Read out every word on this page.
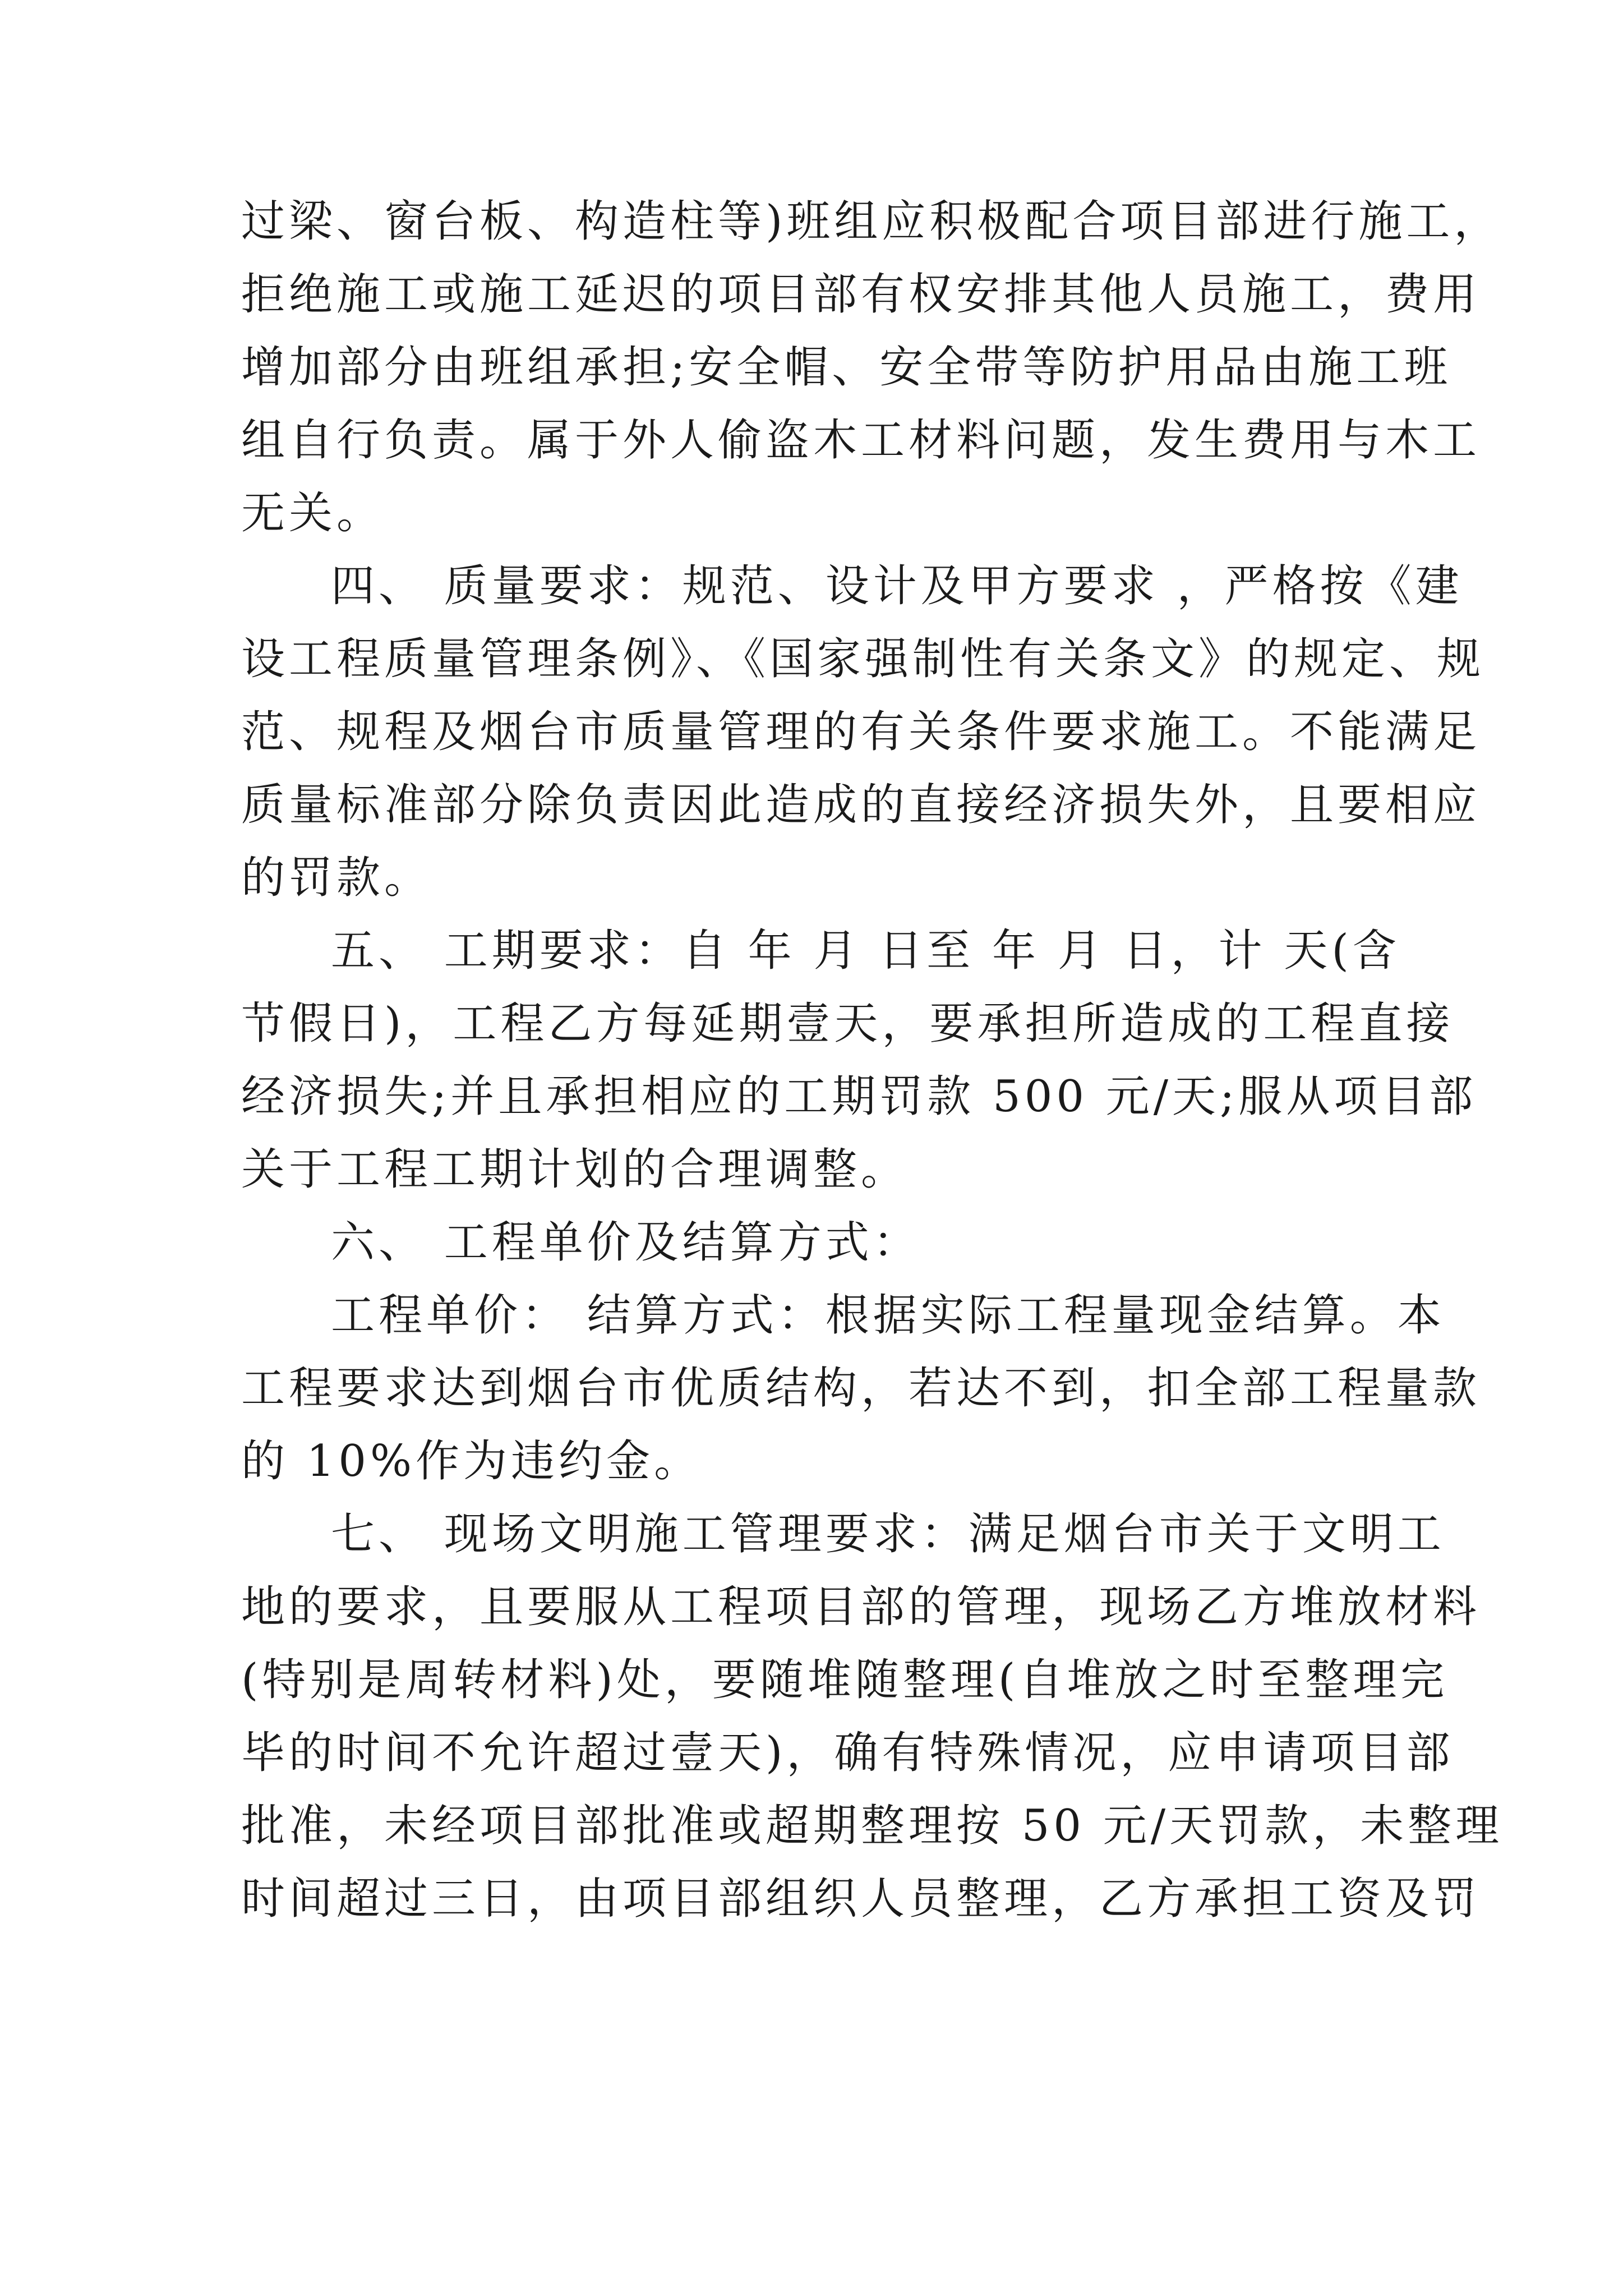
过梁、窗台板、构造柱等)班组应积极配合项目部进行施工，
拒绝施工或施工延迟的项目部有权安排其他人员施工，费用
增加部分由班组承担;安全帽、安全带等防护用品由施工班
组自行负责。属于外人偷盗木工材料问题，发生费用与木工
无关。
四、 质量要求：规范、设计及甲方要求 ，严格按《建
设工程质量管理条例》、《国家强制性有关条文》的规定、规
范、规程及烟台市质量管理的有关条件要求施工。不能满足
质量标准部分除负责因此造成的直接经济损失外，且要相应
的罚款。
五、 工期要求：自 年 月 日至 年 月 日，计 天(含
节假日)，工程乙方每延期壹天，要承担所造成的工程直接
经济损失;并且承担相应的工期罚款 500 元/天;服从项目部
关于工程工期计划的合理调整。
六、 工程单价及结算方式：
工程单价： 结算方式：根据实际工程量现金结算。本
工程要求达到烟台市优质结构，若达不到，扣全部工程量款
的 10%作为违约金。
七、 现场文明施工管理要求：满足烟台市关于文明工
地的要求，且要服从工程项目部的管理，现场乙方堆放材料
(特别是周转材料)处，要随堆随整理(自堆放之时至整理完
毕的时间不允许超过壹天)，确有特殊情况，应申请项目部
批准，未经项目部批准或超期整理按 50 元/天罚款，未整理
时间超过三日，由项目部组织人员整理，乙方承担工资及罚
